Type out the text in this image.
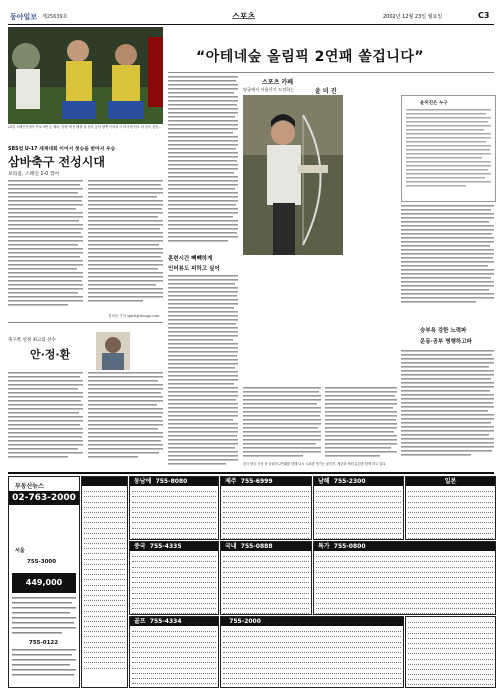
동아일보 제25639호	스포츠	2002년 12월 23일 월요일	C3
23일 스페인전에서 후보 3번 등 제외 '강성' 비선 배성 골 선수 등의 양쪽 이어서 스 미국에 선수 마 한국 점진...
SBS컵 U-17 세계대회 이어서 첫승을 받아서 우승
삼바축구 전성시대
브라질, 스페인 1-0 꺾어
정성한 기자 spirit@donga.com
축구쪽 선정 최고의 선수
안·정·환
“아테네숲 올림픽 2연패 쏠겁니다”
스포츠 카페
양궁매지 서울산기 도전하는	윤 미 진
훈련시간 빽빽하게
인터뷰도 피하고 싶어
한국 양궁 사상 첫 올림픽 2연패를 향해 다시 시위를 당기는 윤미진. 체중과 체력 훈련을 함께 하고 있다.
윤미진은 누구
승부욕 강한 노력파
운동·공부 병행하고파
부동산뉴스
02-763-2000
서울
755-3000
449,000
755-0122

동남에 755-8080	제주 755-6999	남해 755-2300	일본
중국 755-4335	국내 755-0888	특가 755-0800
골프 755-4334	755-2000
